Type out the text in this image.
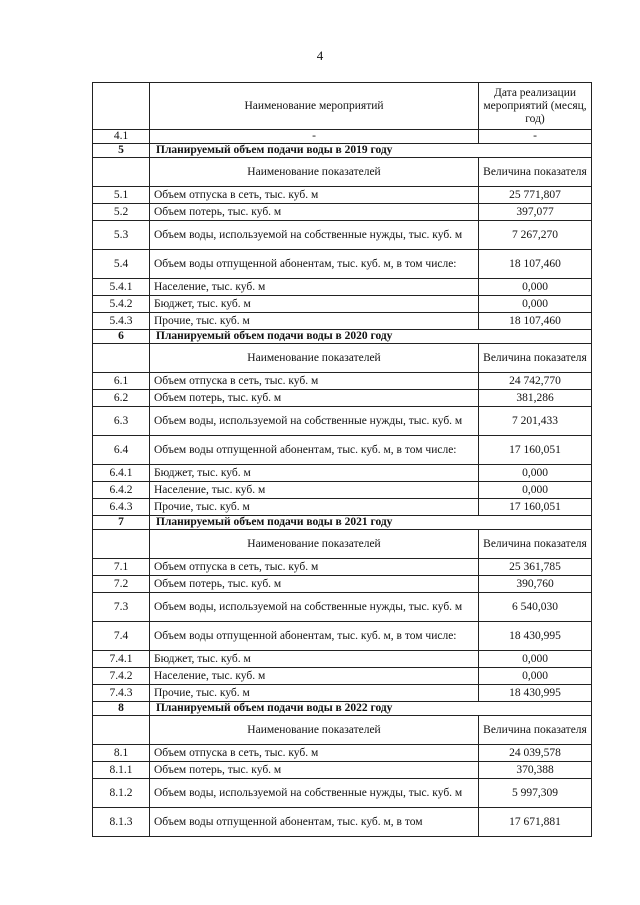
4
	Наименование мероприятий	Дата реализации мероприятий (месяц, год)
4.1	-	-
5	Планируемый объем подачи воды в 2019 году	
	Наименование показателей	Величина показателя
5.1	Объем отпуска в сеть, тыс. куб. м	25 771,807
5.2	Объем потерь, тыс. куб. м	397,077
5.3	Объем воды, используемой на собственные нужды, тыс. куб. м	7 267,270
5.4	Объем воды отпущенной абонентам, тыс. куб. м, в том числе:	18 107,460
5.4.1	Население, тыс. куб. м	0,000
5.4.2	Бюджет, тыс. куб. м	0,000
5.4.3	Прочие, тыс. куб. м	18 107,460
6	Планируемый объем подачи воды в 2020 году	
	Наименование показателей	Величина показателя
6.1	Объем отпуска в сеть, тыс. куб. м	24 742,770
6.2	Объем потерь, тыс. куб. м	381,286
6.3	Объем воды, используемой на собственные нужды, тыс. куб. м	7 201,433
6.4	Объем воды отпущенной абонентам, тыс. куб. м, в том числе:	17 160,051
6.4.1	Бюджет, тыс. куб. м	0,000
6.4.2	Население, тыс. куб. м	0,000
6.4.3	Прочие, тыс. куб. м	17 160,051
7	Планируемый объем подачи воды в 2021 году	
	Наименование показателей	Величина показателя
7.1	Объем отпуска в сеть, тыс. куб. м	25 361,785
7.2	Объем потерь, тыс. куб. м	390,760
7.3	Объем воды, используемой на собственные нужды, тыс. куб. м	6 540,030
7.4	Объем воды отпущенной абонентам, тыс. куб. м, в том числе:	18 430,995
7.4.1	Бюджет, тыс. куб. м	0,000
7.4.2	Население, тыс. куб. м	0,000
7.4.3	Прочие, тыс. куб. м	18 430,995
8	Планируемый объем подачи воды в 2022 году	
	Наименование показателей	Величина показателя
8.1	Объем отпуска в сеть, тыс. куб. м	24 039,578
8.1.1	Объем потерь, тыс. куб. м	370,388
8.1.2	Объем воды, используемой на собственные нужды, тыс. куб. м	5 997,309
8.1.3	Объем воды отпущенной абонентам, тыс. куб. м, в том	17 671,881
